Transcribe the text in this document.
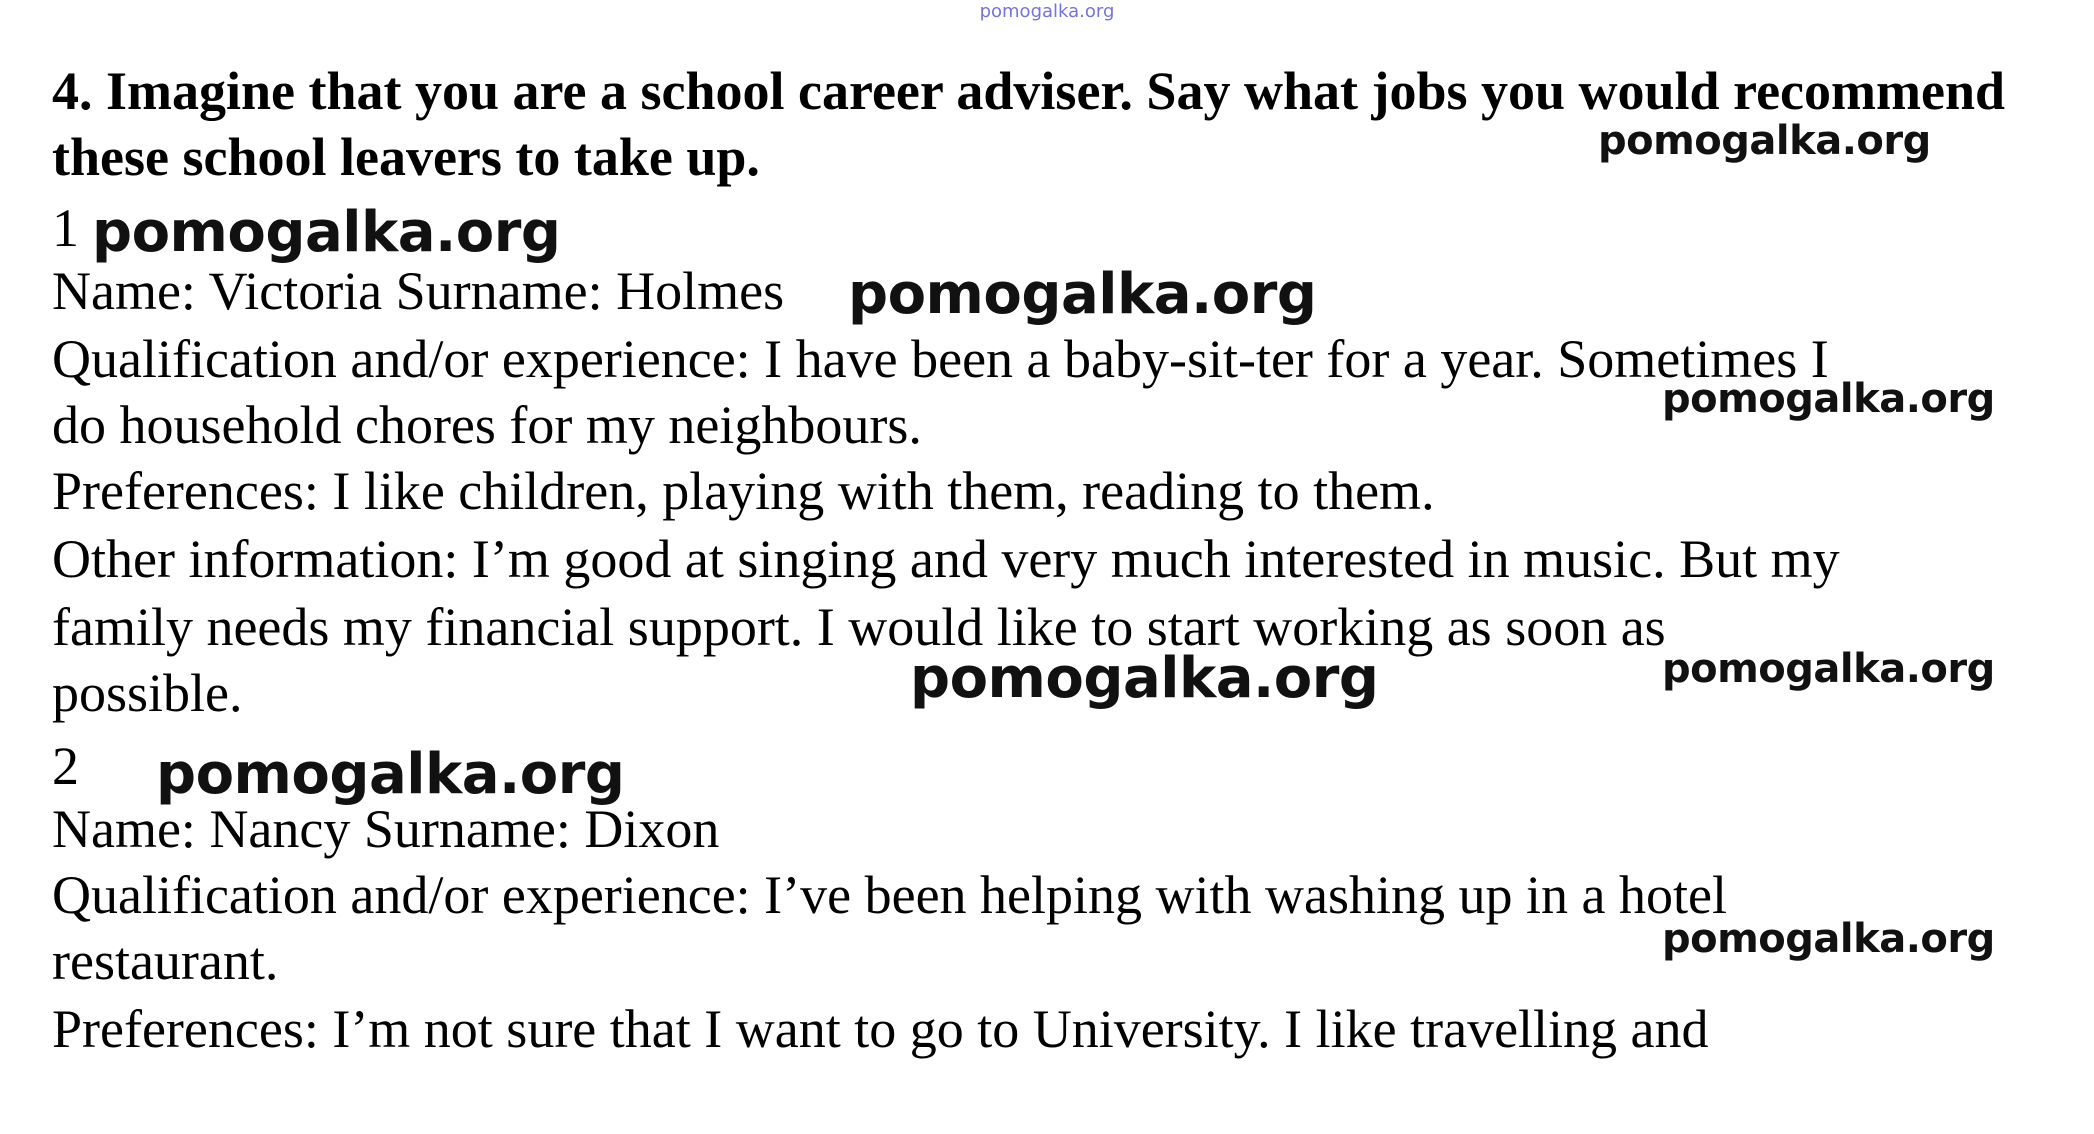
pomogalka.org

4. Imagine that you are a school career adviser. Say what jobs you would recommend these school leavers to take up.

1
Name: Victoria Surname: Holmes
Qualification and/or experience: I have been a baby-sit-ter for a year. Sometimes I
do household chores for my neighbours.
Preferences: I like children, playing with them, reading to them.
Other information: I’m good at singing and very much interested in music. But my
family needs my financial support. I would like to start working as soon as
possible.
2
Name: Nancy Surname: Dixon
Qualification and/or experience: I’ve been helping with washing up in a hotel
restaurant.
Preferences: I’m not sure that I want to go to University. I like travelling and
pomogalka.org
pomogalka.org
pomogalka.org
pomogalka.org
pomogalka.org
pomogalka.org
pomogalka.org
pomogalka.org
